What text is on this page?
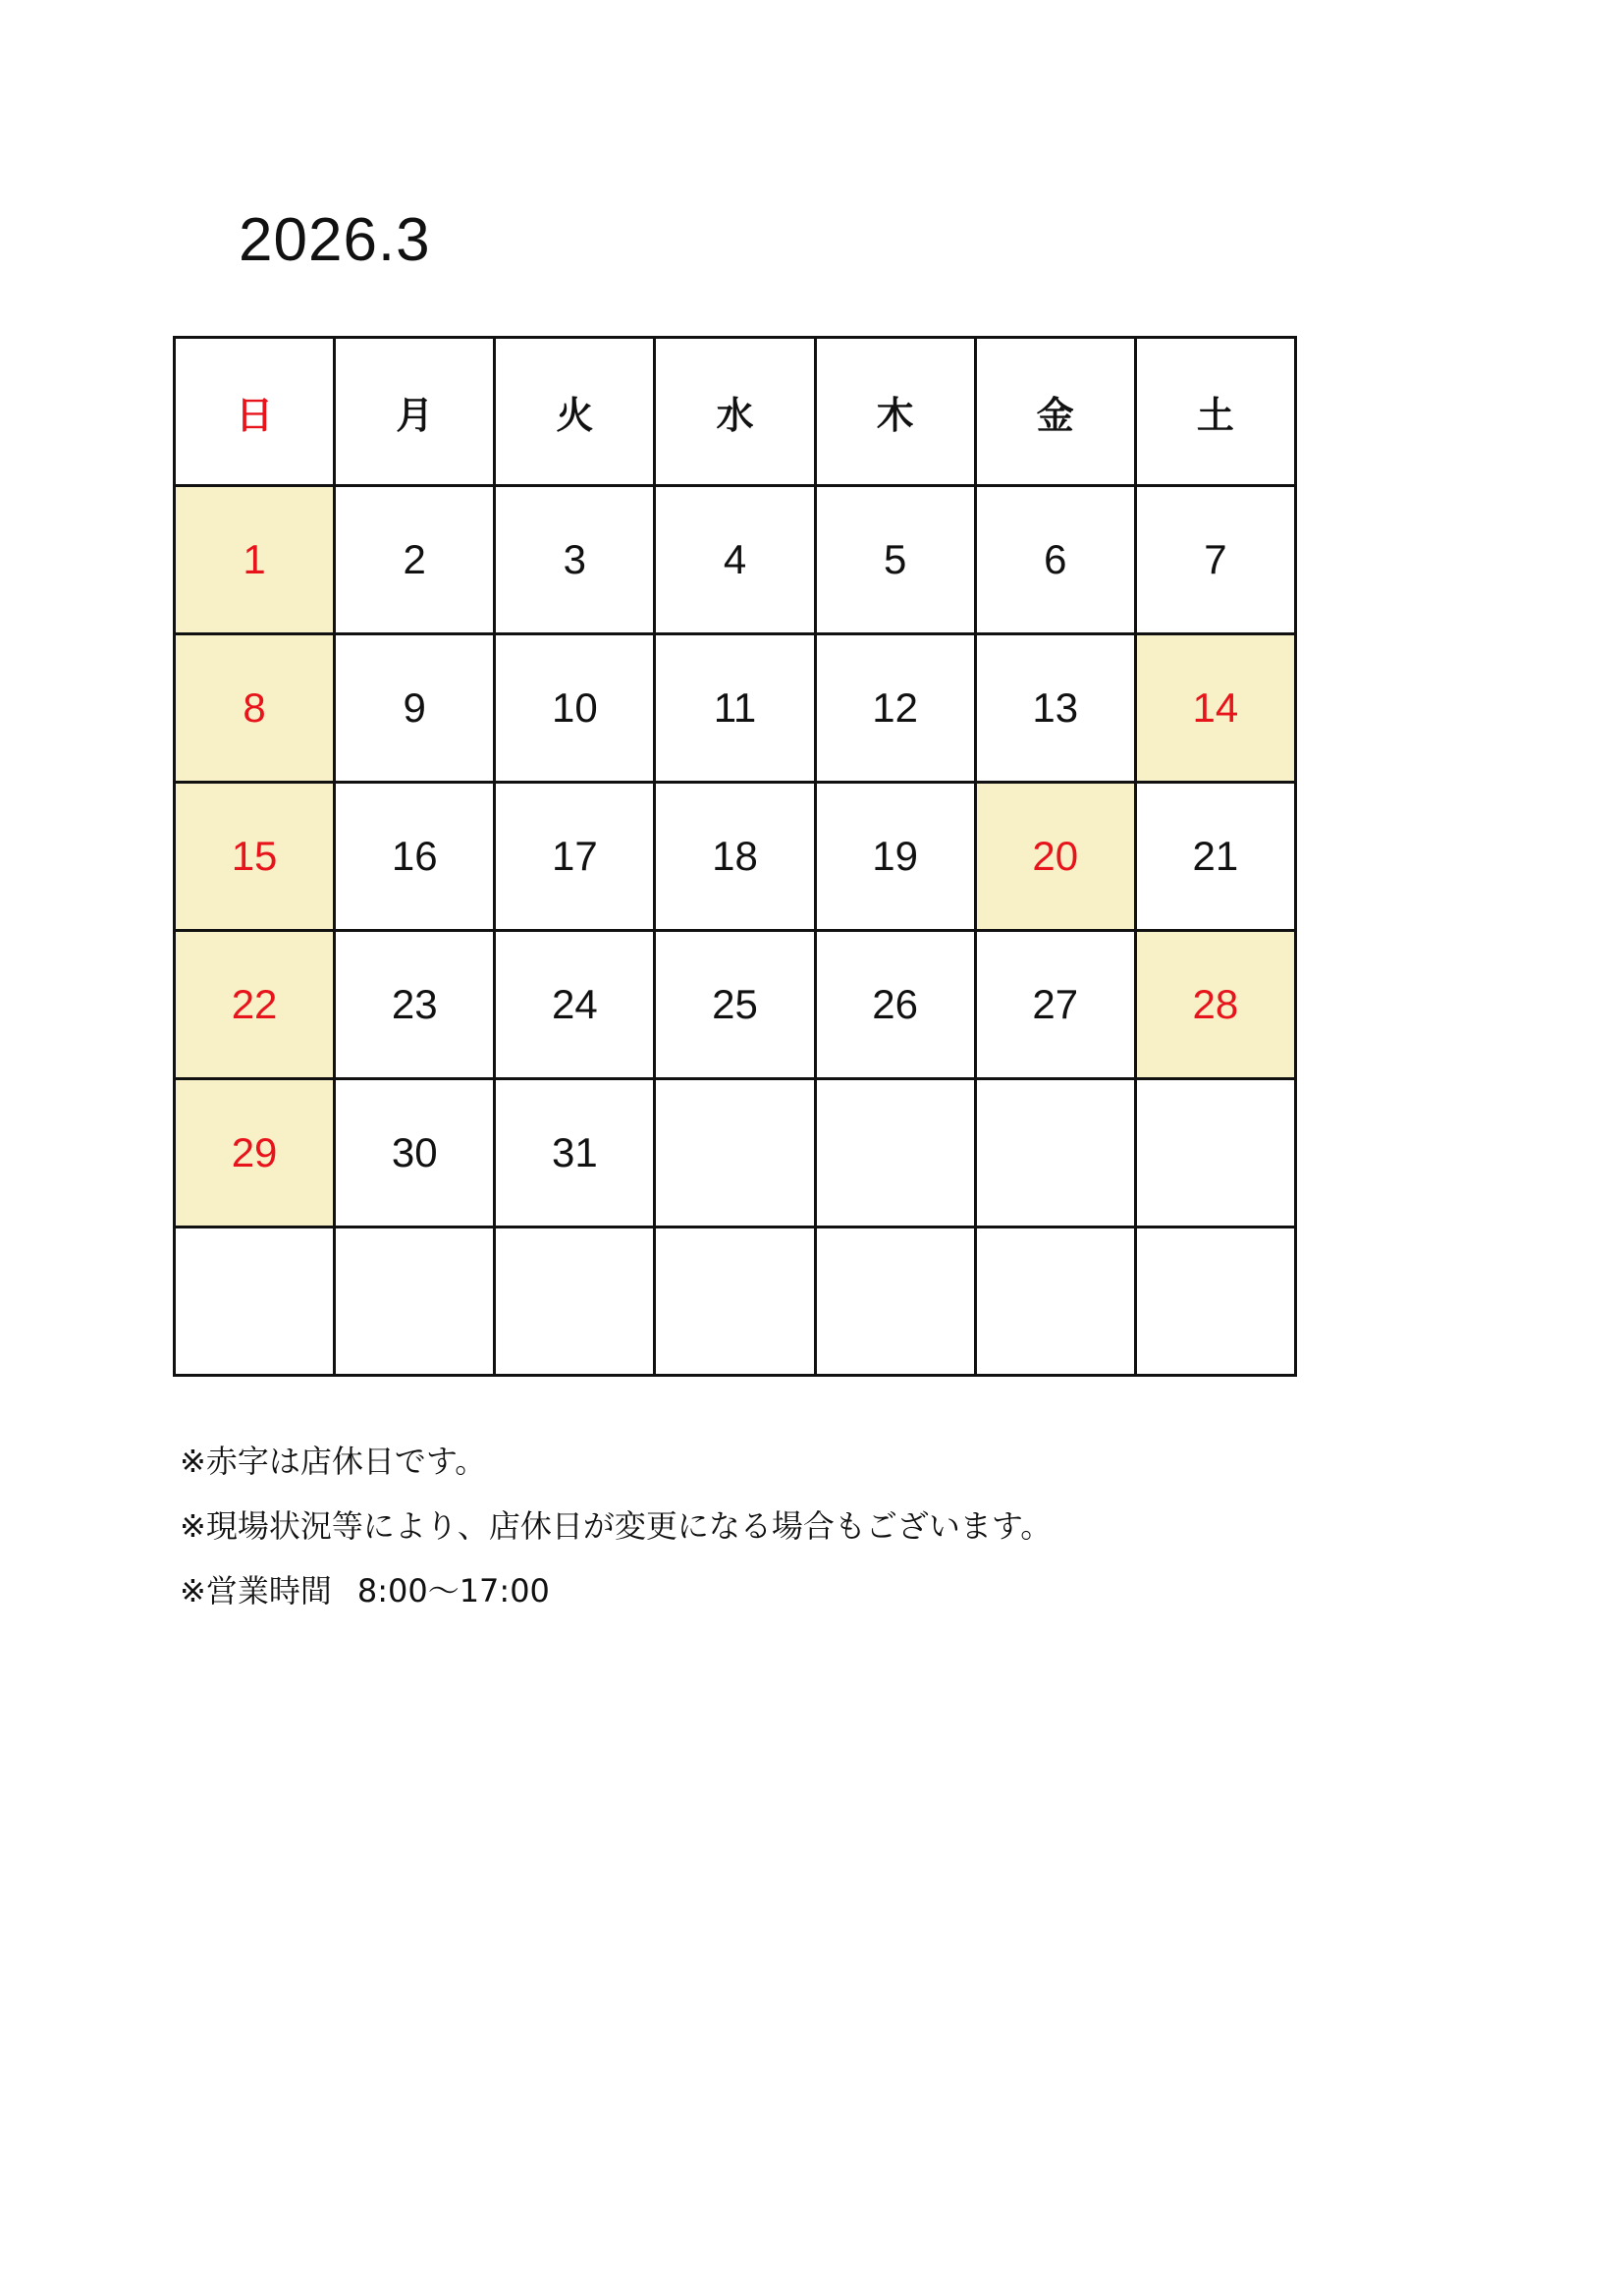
2026.3
日	月	火	水	木	金	土
1	2	3	4	5	6	7
8	9	10	11	12	13	14
15	16	17	18	19	20	21
22	23	24	25	26	27	28
29	30	31
※赤字は店休日です。
※現場状況等により、店休日が変更になる場合もございます。
※営業時間 8:00〜17:00
